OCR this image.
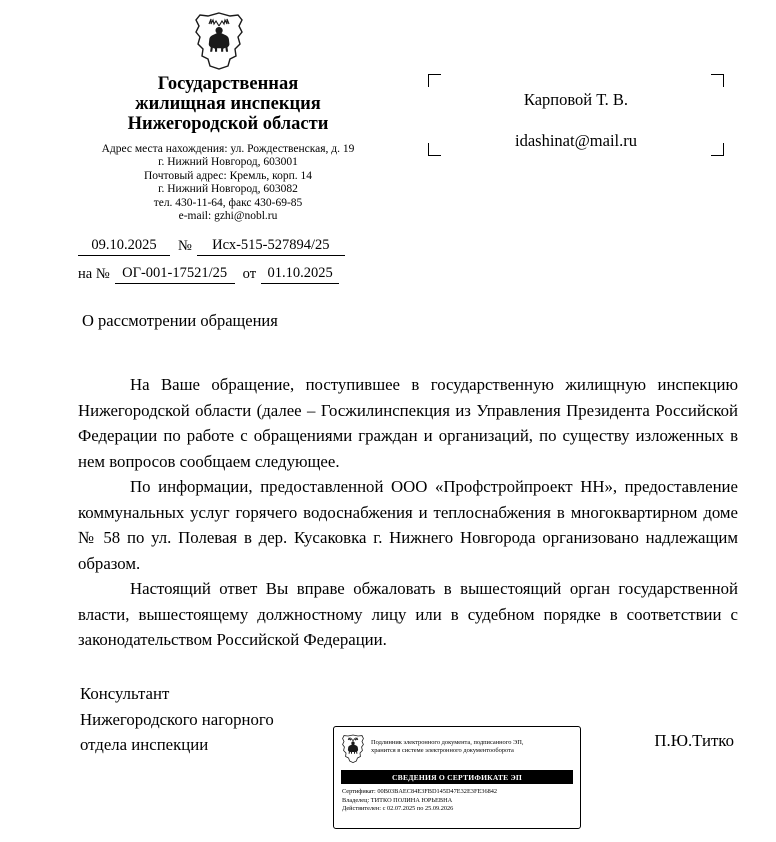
Государственная
жилищная инспекция
Нижегородской области
Адрес места нахождения: ул. Рождественская, д. 19
г. Нижний Новгород, 603001
Почтовый адрес: Кремль, корп. 14
г. Нижний Новгород, 603082
тел. 430-11-64, факс 430-69-85
e-mail: gzhi@nobl.ru
09.10.2025	№	Исх-515-527894/25
на № ОГ-001-17521/25	от 01.10.2025
О рассмотрении обращения
Карповой Т. В.
idashinat@mail.ru

На Ваше обращение, поступившее в государственную жилищную инспекцию Нижегородской области (далее – Госжилинспекция из Управления Президента Российской Федерации по работе с обращениями граждан и организаций, по существу изложенных в нем вопросов сообщаем следующее.

По информации, предоставленной ООО «Профстройпроект НН», предоставление коммунальных услуг горячего водоснабжения и теплоснабжения в многоквартирном доме № 58 по ул. Полевая в дер. Кусаковка г. Нижнего Новгорода организовано надлежащим образом.

Настоящий ответ Вы вправе обжаловать в вышестоящий орган государственной власти, вышестоящему должностному лицу или в судебном порядке в соответствии с законодательством Российской Федерации.

Консультант
Нижегородского нагорного
отдела инспекции	П.Ю.Титко
Подлинник электронного документа, подписанного ЭП,
хранится в системе электронного документооборота
СВЕДЕНИЯ О СЕРТИФИКАТЕ ЭП
Сертификат: 00B03BAEC84E3FBD145D47E32E3FE36842
Владелец: ТИТКО ПОЛИНА ЮРЬЕВНА
Действителен: с 02.07.2025 по 25.09.2026
